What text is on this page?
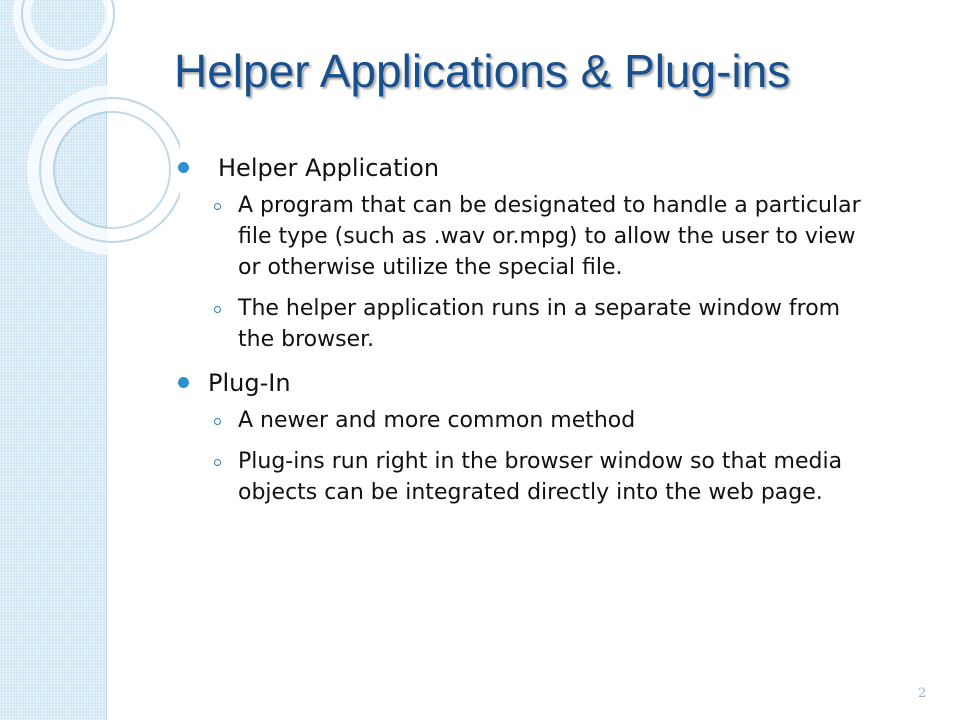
Helper Applications & Plug-ins
Helper Application
A program that can be designated to handle a particular file type (such as .wav or.mpg) to allow the user to view or otherwise utilize the special file.
The helper application runs in a separate window from the browser.
Plug-In
A newer and more common method
Plug-ins run right in the browser window so that media objects can be integrated directly into the web page.
2
